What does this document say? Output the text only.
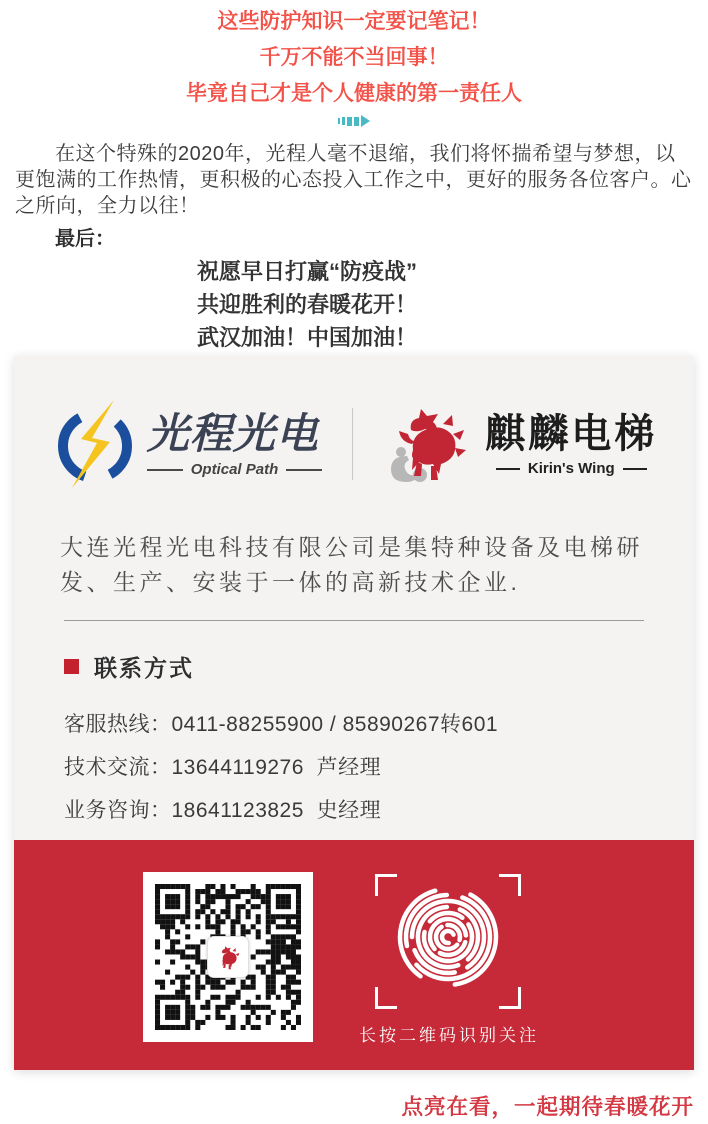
这些防护知识一定要记笔记！

千万不能不当回事！

毕竟自己才是个人健康的第一责任人

在这个特殊的2020年，光程人毫不退缩，我们将怀揣希望与梦想，以更饱满的工作热情，更积极的心态投入工作之中，更好的服务各位客户。心之所向，全力以往！

最后：

祝愿早日打赢“防疫战”

共迎胜利的春暖花开！

武汉加油！中国加油！

光程光电
Optical Path
麒麟电梯
Kirin's Wing

大连光程光电科技有限公司是集特种设备及电梯研发、生产、安装于一体的高新技术企业.

联系方式

客服热线：0411-88255900 / 85890267转601

技术交流：13644119276  芦经理

业务咨询：18641123825  史经理

长按二维码识别关注

点亮在看，一起期待春暖花开
